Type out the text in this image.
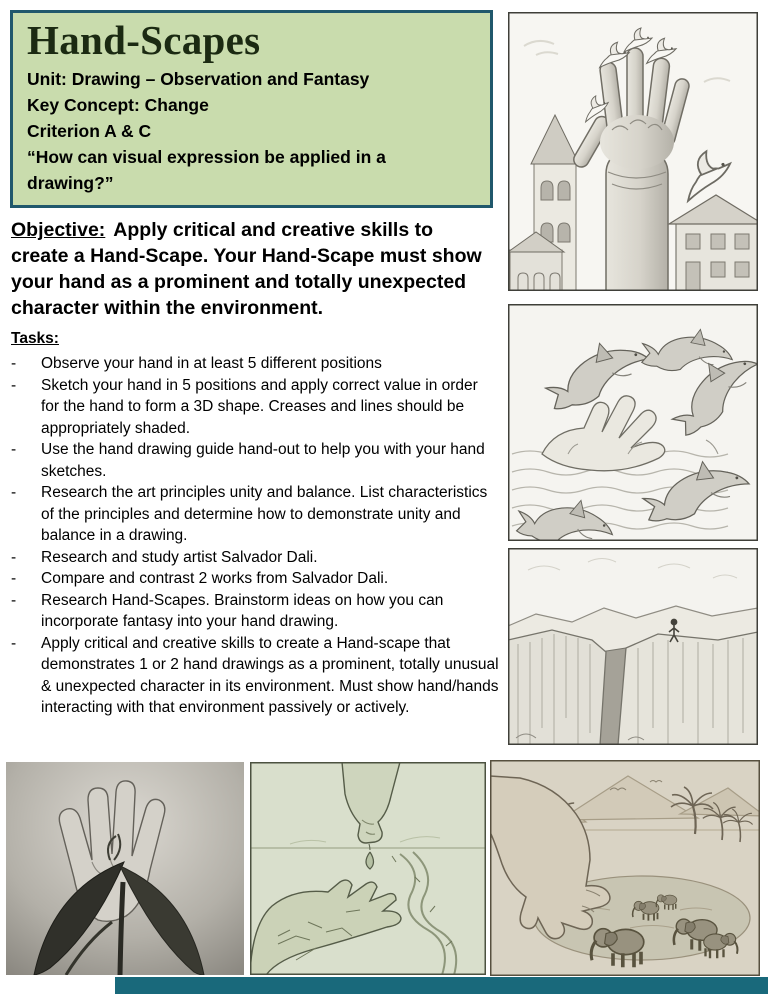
Hand-Scapes
Unit: Drawing – Observation and Fantasy
Key Concept: Change
Criterion A & C
“How can visual expression be applied in a drawing?”
Objective: Apply critical and creative skills to create a Hand-Scape. Your Hand-Scape must show your hand as a prominent and totally unexpected character within the environment.
Tasks:
-	Observe your hand in at least 5 different positions
-	Sketch your hand in 5 positions and apply correct value in order for the hand to form a 3D shape. Creases and lines should be appropriately shaded.
-	Use the hand drawing guide hand-out to help you with your hand sketches.
-	Research the art principles unity and balance. List characteristics of the principles and determine how to demonstrate unity and balance in a drawing.
-	Research and study artist Salvador Dali.
-	Compare and contrast 2 works from Salvador Dali.
-	Research Hand-Scapes. Brainstorm ideas on how you can incorporate fantasy into your hand drawing.
-	Apply critical and creative skills to create a Hand-scape that demonstrates 1 or 2 hand drawings as a prominent, totally unusual & unexpected character in its environment. Must show hand/hands interacting with that environment passively or actively.
